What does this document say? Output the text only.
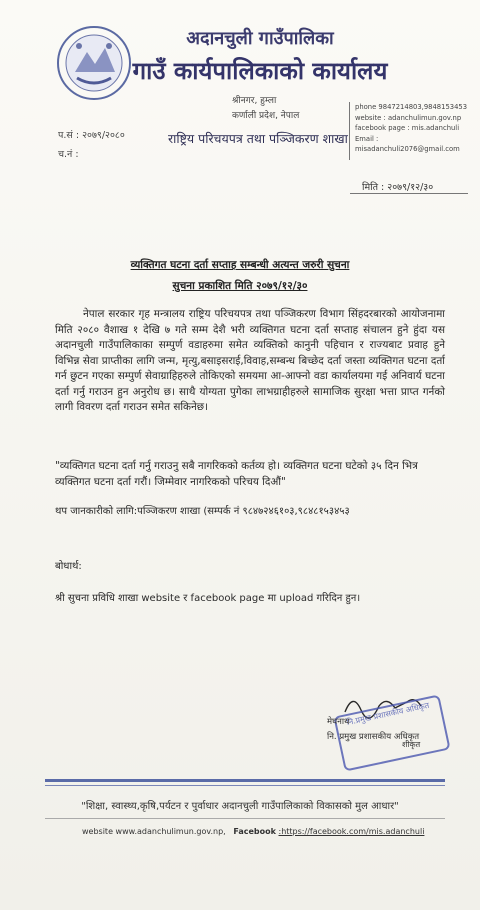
अदानचुली गाउँपालिका
गाउँ कार्यपालिकाको कार्यालय
श्रीनगर, हुम्ला
कर्णाली प्रदेश, नेपाल
राष्ट्रिय परिचयपत्र तथा पञ्जिकरण शाखा
phone 9847214803,9848153453
website : adanchulimun.gov.np
facebook page : mis.adanchuli
Email : misadanchuli2076@gmail.com
प.सं : २०७९/२०८०
च.नं :
मिति : २०७९/१२/३०
व्यक्तिगत घटना दर्ता सप्ताह सम्बन्धी अत्यन्त जरुरी सुचना
सुचना प्रकाशित मिति २०७९/१२/३०
नेपाल सरकार गृह मन्त्रालय राष्ट्रिय परिचयपत्र तथा पञ्जिकरण विभाग सिंहदरबारको आयोजनामा मिति २०८० वैशाख १ देखि ७ गते सम्म देशै भरी व्यक्तिगत घटना दर्ता सप्ताह संचालन हुने हुंदा यस अदानचुली गाउँपालिकाका सम्पुर्ण वडाहरुमा समेत व्यक्तिको कानुनी पहिचान र राज्यबाट प्रवाह हुने विभिन्न सेवा प्राप्तीका लागि जन्म, मृत्यु,बसाइसराई,विवाह,सम्बन्ध बिच्छेद दर्ता जस्ता व्यक्तिगत घटना दर्ता गर्न छुटन गएका सम्पुर्ण सेवाग्राहिहरुले तोकिएको समयमा आ-आफ्नो वडा कार्यालयमा गई अनिवार्य घटना दर्ता गर्नु गराउन हुन अनुरोध छ। साथै योग्यता पुगेका लाभग्राहीहरुले सामाजिक सुरक्षा भत्ता प्राप्त गर्नको लागी विवरण दर्ता गराउन समेत सकिनेछ।
"व्यक्तिगत घटना दर्ता गर्नु गराउनु सबै नागरिकको कर्तव्य हो। व्यक्तिगत घटना घटेको ३५ दिन भित्र व्यक्तिगत घटना दर्ता गरौं। जिम्मेवार नागरिकको परिचय दिऔं"
थप जानकारीको लागि:पञ्जिकरण शाखा (सम्पर्क नं ९८४७२४६१०३,९८४८१५३४५३
बोधार्थ:
श्री सुचना प्रविधि शाखा website र facebook page मा upload गरिदिन हुन।
नि.प्रमुख प्रशासकीय अधिकृत
मेघनाथ
नि. प्रमुख प्रशासकीय अधिकृत
शीकृत
"शिक्षा, स्वास्थ्य,कृषि,पर्यटन र पुर्वाधार अदानचुली गाउँपालिकाको विकासको मुल आधार"
website www.adanchulimun.gov.np, Facebook :https://facebook.com/mis.adanchuli
